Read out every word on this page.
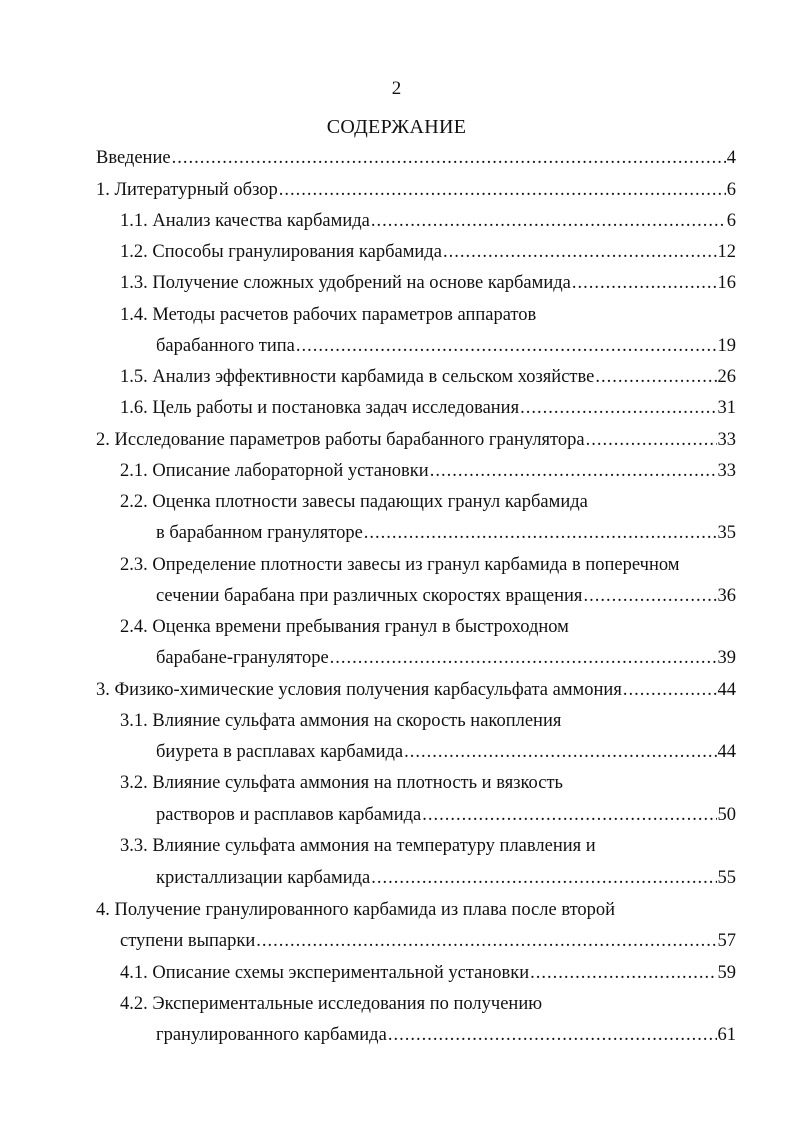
2
СОДЕРЖАНИЕ
Введение .....	4
1. Литературный обзор .....	6
1.1. Анализ качества карбамида .....	6
1.2. Способы гранулирования карбамида .....	12
1.3. Получение сложных удобрений на основе карбамида .....	16
1.4. Методы расчетов рабочих параметров аппаратов
барабанного типа .....	19
1.5. Анализ эффективности карбамида в сельском хозяйстве .....	26
1.6. Цель работы и постановка задач исследования .....	31
2. Исследование параметров работы барабанного гранулятора .....	33
2.1. Описание лабораторной установки .....	33
2.2. Оценка плотности завесы падающих гранул карбамида
в барабанном грануляторе .....	35
2.3. Определение плотности завесы из гранул карбамида в поперечном
сечении барабана при различных скоростях вращения .....	36
2.4. Оценка времени пребывания гранул в быстроходном
барабане-грануляторе .....	39
3. Физико-химические условия получения карбасульфата аммония .....	44
3.1. Влияние сульфата аммония на скорость накопления
биурета в расплавах карбамида .....	44
3.2. Влияние сульфата аммония на плотность и вязкость
растворов и расплавов карбамида .....	50
3.3. Влияние сульфата аммония на температуру плавления и
кристаллизации карбамида .....	55
4. Получение гранулированного карбамида из плава после второй
ступени выпарки .....	57
4.1. Описание схемы экспериментальной установки .....	59
4.2. Экспериментальные исследования по получению
гранулированного карбамида .....	61
